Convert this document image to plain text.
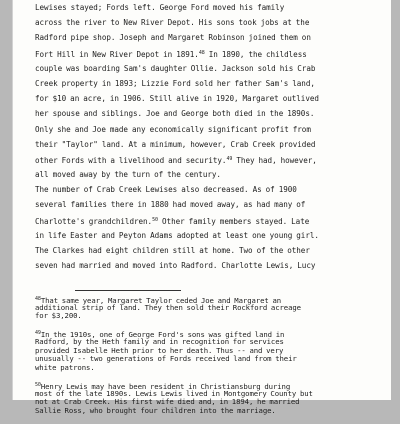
Lewises stayed; Fords left. George Ford moved his family
across the river to New River Depot. His sons took jobs at the
Radford pipe shop. Joseph and Margaret Robinson joined them on
Fort Hill in New River Depot in 1891.48 In 1890, the childless
couple was boarding Sam's daughter Ollie. Jackson sold his Crab
Creek property in 1893; Lizzie Ford sold her father Sam's land,
for $10 an acre, in 1906. Still alive in 1920, Margaret outlived
her spouse and siblings. Joe and George both died in the 1890s.
Only she and Joe made any economically significant profit from
their "Taylor" land. At a minimum, however, Crab Creek provided
other Fords with a livelihood and security.$^{49}$ They had, however,
all moved away by the turn of the century.
The number of Crab Creek Lewises also decreased. As of 1900
several families there in 1880 had moved away, as had many of
Charlotte's grandchildren.$^{50}$ Other family members stayed. Late
in life Easter and Peyton Adams adopted at least one young girl.
The Clarkes had eight children still at home. Two of the other
seven had married and moved into Radford. Charlotte Lewis, Lucy
$^{48}$That same year, Margaret Taylor ceded Joe and Margaret an
additional strip of land. They then sold their Rockford acreage
for $3,200.
$^{49}$In the 1910s, one of George Ford's sons was gifted land in
Radford, by the Heth family and in recognition for services
provided Isabelle Heth prior to her death. Thus -- and very
unusually -- two generations of Fords received land from their
white patrons.
$^{50}$Henry Lewis may have been resident in Christiansburg during
most of the late 1890s. Lewis Lewis lived in Montgomery County but
not at Crab Creek. His first wife died and, in 1894, he married
Sallie Ross, who brought four children into the marriage.
